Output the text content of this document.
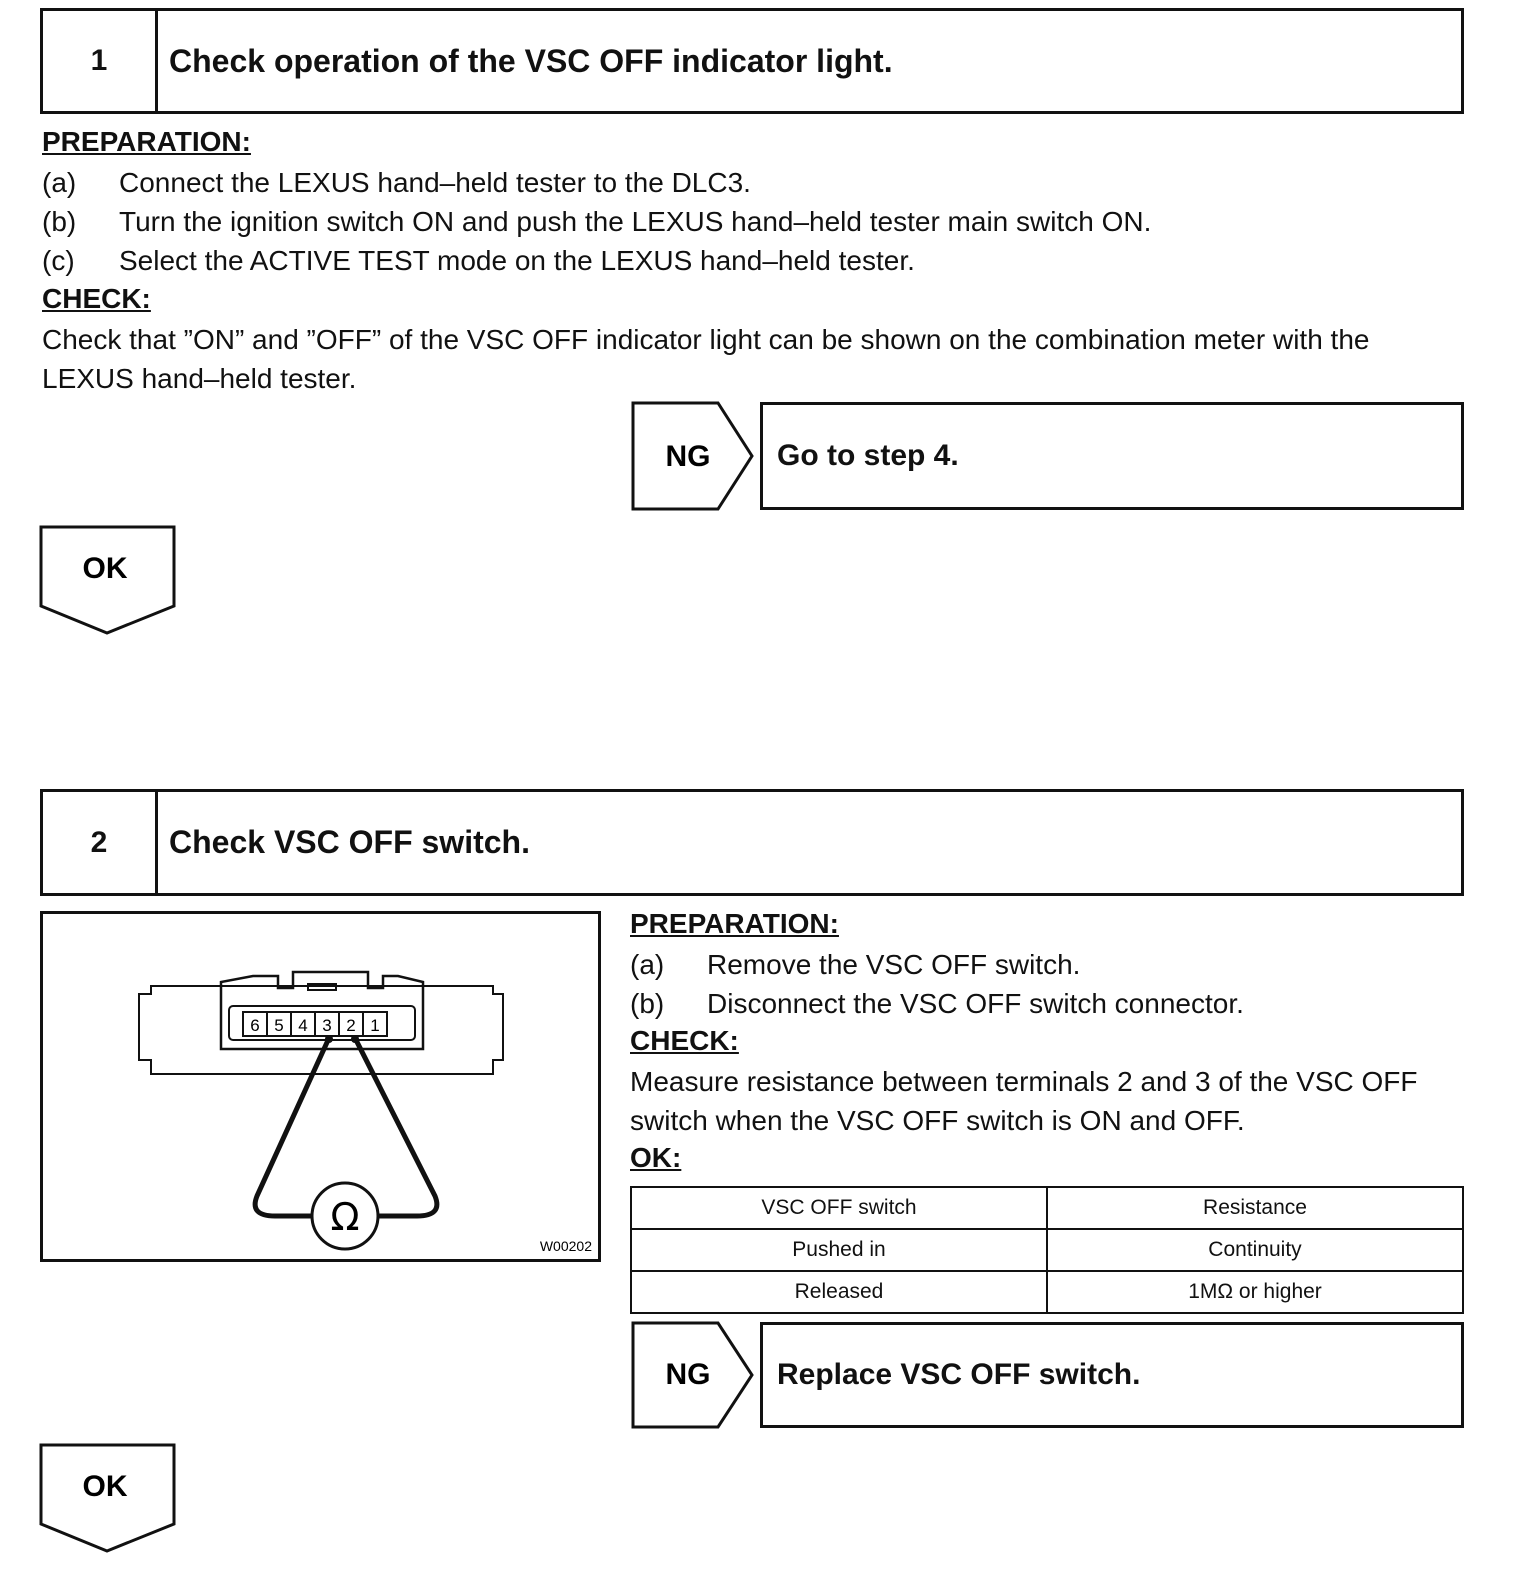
1	Check operation of the VSC OFF indicator light.
PREPARATION:
(a)	Connect the LEXUS hand–held tester to the DLC3.
(b)	Turn the ignition switch ON and push the LEXUS hand–held tester main switch ON.
(c)	Select the ACTIVE TEST mode on the LEXUS hand–held tester.
CHECK:
Check that ”ON” and ”OFF” of the VSC OFF indicator light can be shown on the combination meter with the
LEXUS hand–held tester.
NG Go to step 4.
OK
2	Check VSC OFF switch.
6 5 4 3 2 1
Ω
W00202
PREPARATION:
(a)	Remove the VSC OFF switch.
(b)	Disconnect the VSC OFF switch connector.
CHECK:
Measure resistance between terminals 2 and 3 of the VSC OFF
switch when the VSC OFF switch is ON and OFF.
OK:
VSC OFF switch	Resistance
Pushed in	Continuity
Released	1MΩ or higher
NG Replace VSC OFF switch.
OK
